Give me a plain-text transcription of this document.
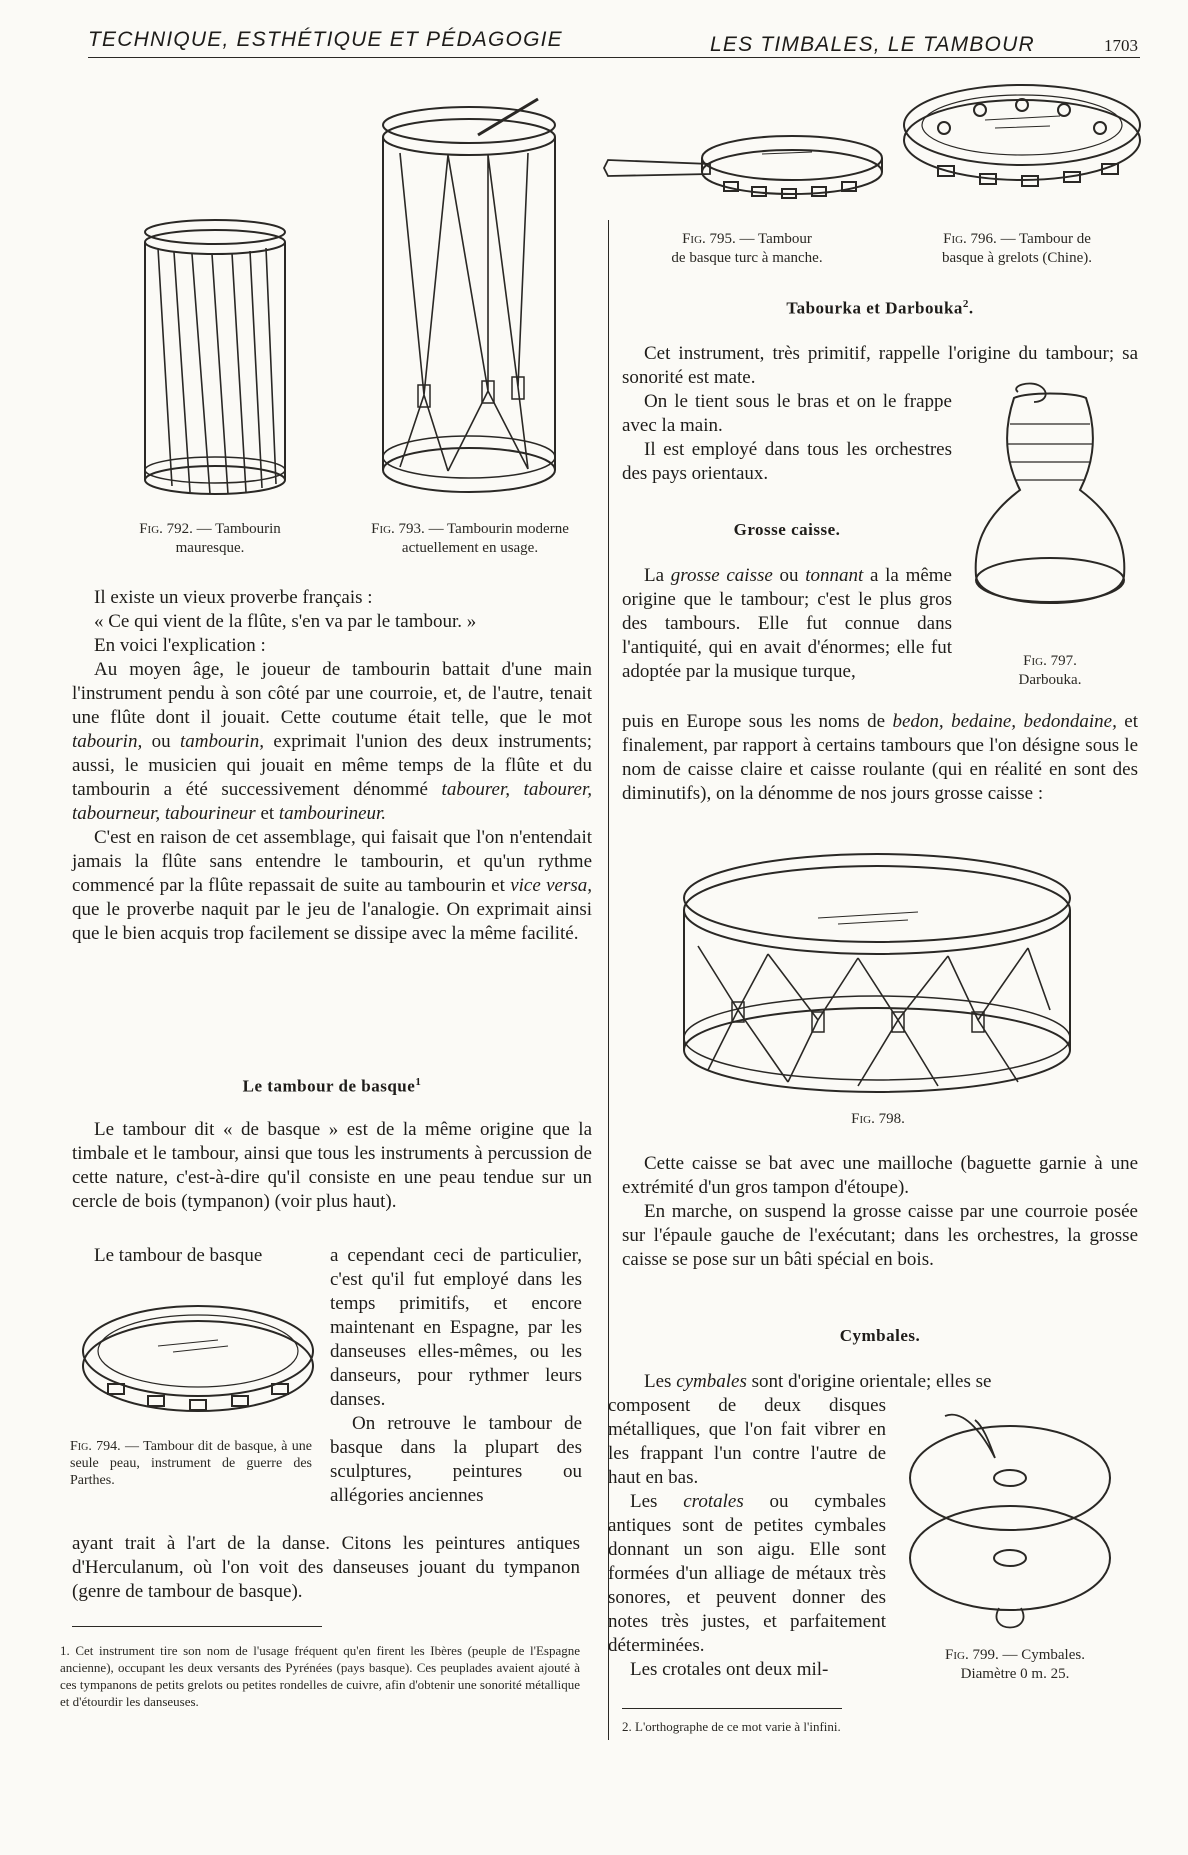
TECHNIQUE, ESTHÉTIQUE ET PÉDAGOGIE	LES TIMBALES, LE TAMBOUR	1703
Fig. 792. — Tambourin
mauresque.
Fig. 793. — Tambourin moderne
actuellement en usage.

Il existe un vieux proverbe français :

« Ce qui vient de la flûte, s'en va par le tambour. »

En voici l'explication :

Au moyen âge, le joueur de tambourin battait d'une main l'instrument pendu à son côté par une courroie, et, de l'autre, tenait une flûte dont il jouait. Cette coutume était telle, que le mot tabourin, ou tambourin, exprimait l'union des deux instruments; aussi, le musicien qui jouait en même temps de la flûte et du tambourin a été successivement dénommé tabourer, tabourer, tabourneur, tabourineur et tambourineur.

C'est en raison de cet assemblage, qui faisait que l'on n'entendait jamais la flûte sans entendre le tambourin, et qu'un rythme commencé par la flûte repassait de suite au tambourin et vice versa, que le proverbe naquit par le jeu de l'analogie. On exprimait ainsi que le bien acquis trop facilement se dissipe avec la même facilité.

Le tambour de basque$^1$

Le tambour dit « de basque » est de la même origine que la timbale et le tambour, ainsi que tous les instruments à percussion de cette nature, c'est-à-dire qu'il consiste en une peau tendue sur un cercle de bois (tympanon) (voir plus haut).

Le tambour de basque

Fig. 794. — Tambour dit de basque, à une seule peau, instrument de guerre des Parthes.

a cependant ceci de particulier, c'est qu'il fut employé dans les temps primitifs, et encore maintenant en Espagne, par les danseuses elles-mêmes, ou les danseurs, pour rythmer leurs danses.

On retrouve le tambour de basque dans la plupart des sculptures, peintures ou allégories anciennes

ayant trait à l'art de la danse. Citons les peintures antiques d'Herculanum, où l'on voit des danseuses jouant du tympanon (genre de tambour de basque).

1. Cet instrument tire son nom de l'usage fréquent qu'en firent les Ibères (peuple de l'Espagne ancienne), occupant les deux versants des Pyrénées (pays basque). Ces peuplades avaient ajouté à ces tympanons de petits grelots ou petites rondelles de cuivre, afin d'obtenir une sonorité métallique et d'étourdir les danseuses.
Fig. 795. — Tambour
de basque turc à manche.
Fig. 796. — Tambour de
basque à grelots (Chine).
Tabourka et Darbouka$^2$.

Cet instrument, très primitif, rappelle l'origine du tambour; sa sonorité est mate.

On le tient sous le bras et on le frappe avec la main.

Il est employé dans tous les orchestres des pays orientaux.

Fig. 797.
Darbouka.
Grosse caisse.

La grosse caisse ou tonnant a la même origine que le tambour; c'est le plus gros des tambours. Elle fut connue dans l'antiquité, qui en avait d'énormes; elle fut adoptée par la musique turque,

puis en Europe sous les noms de bedon, bedaine, bedondaine, et finalement, par rapport à certains tambours que l'on désigne sous le nom de caisse claire et caisse roulante (qui en réalité en sont des diminutifs), on la dénomme de nos jours grosse caisse :

Fig. 798.

Cette caisse se bat avec une mailloche (baguette garnie à une extrémité d'un gros tampon d'étoupe).

En marche, on suspend la grosse caisse par une courroie posée sur l'épaule gauche de l'exécutant; dans les orchestres, la grosse caisse se pose sur un bâti spécial en bois.

Cymbales.

Les cymbales sont d'origine orientale; elles se

composent de deux disques métalliques, que l'on fait vibrer en les frappant l'un contre l'autre de haut en bas.

Les crotales ou cymbales antiques sont de petites cymbales donnant un son aigu. Elle sont formées d'un alliage de métaux très sonores, et peuvent donner des notes très justes, et parfaitement déterminées.

Les crotales ont deux mil-

Fig. 799. — Cymbales.
Diamètre 0 m. 25.
2. L'orthographe de ce mot varie à l'infini.
